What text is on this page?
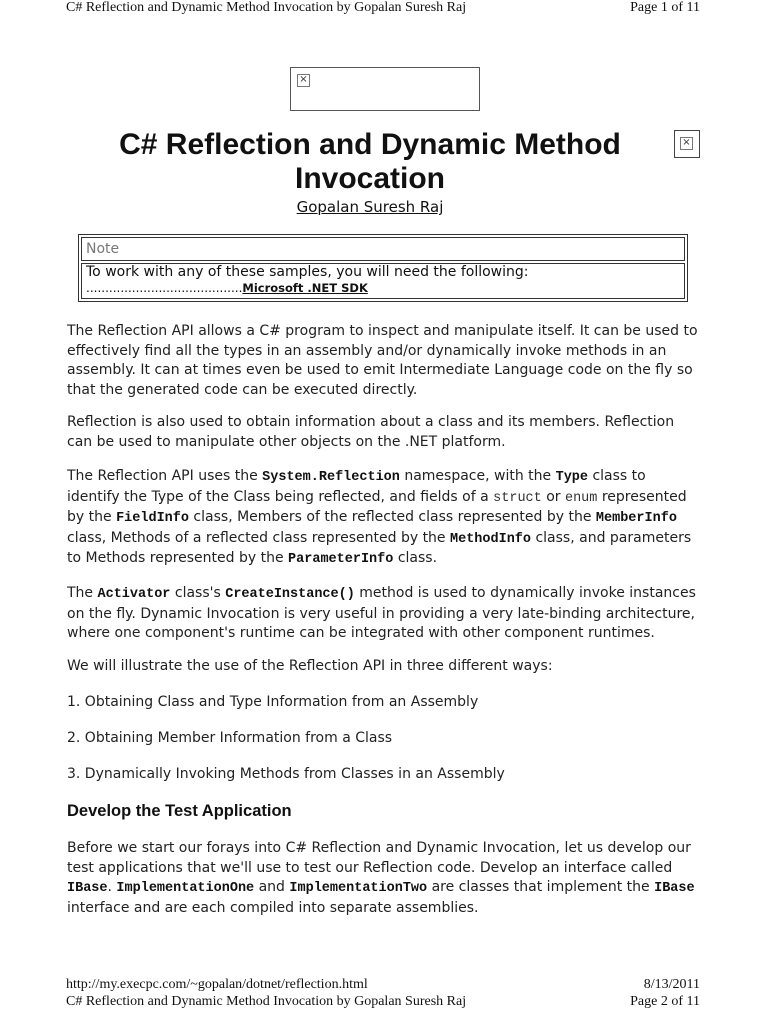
C# Reflection and Dynamic Method Invocation by Gopalan Suresh Raj	Page 1 of 11
×
×
C# Reflection and Dynamic Method Invocation
Gopalan Suresh Raj
Note
To work with any of these samples, you will need the following:
.........................................Microsoft .NET SDK

The Reflection API allows a C# program to inspect and manipulate itself. It can be used to effectively find all the types in an assembly and/or dynamically invoke methods in an assembly. It can at times even be used to emit Intermediate Language code on the fly so that the generated code can be executed directly.

Reflection is also used to obtain information about a class and its members. Reflection can be used to manipulate other objects on the .NET platform.

The Reflection API uses the System.Reflection namespace, with the Type class to identify the Type of the Class being reflected, and fields of a struct or enum represented by the FieldInfo class, Members of the reflected class represented by the MemberInfo class, Methods of a reflected class represented by the MethodInfo class, and parameters to Methods represented by the ParameterInfo class.

The Activator class's CreateInstance() method is used to dynamically invoke instances on the fly. Dynamic Invocation is very useful in providing a very late-binding architecture, where one component's runtime can be integrated with other component runtimes.

We will illustrate the use of the Reflection API in three different ways:

1. Obtaining Class and Type Information from an Assembly

2. Obtaining Member Information from a Class

3. Dynamically Invoking Methods from Classes in an Assembly

Develop the Test Application

Before we start our forays into C# Reflection and Dynamic Invocation, let us develop our test applications that we'll use to test our Reflection code. Develop an interface called IBase. ImplementationOne and ImplementationTwo are classes that implement the IBase interface and are each compiled into separate assemblies.

http://my.execpc.com/~gopalan/dotnet/reflection.html	8/13/2011
C# Reflection and Dynamic Method Invocation by Gopalan Suresh Raj	Page 2 of 11
